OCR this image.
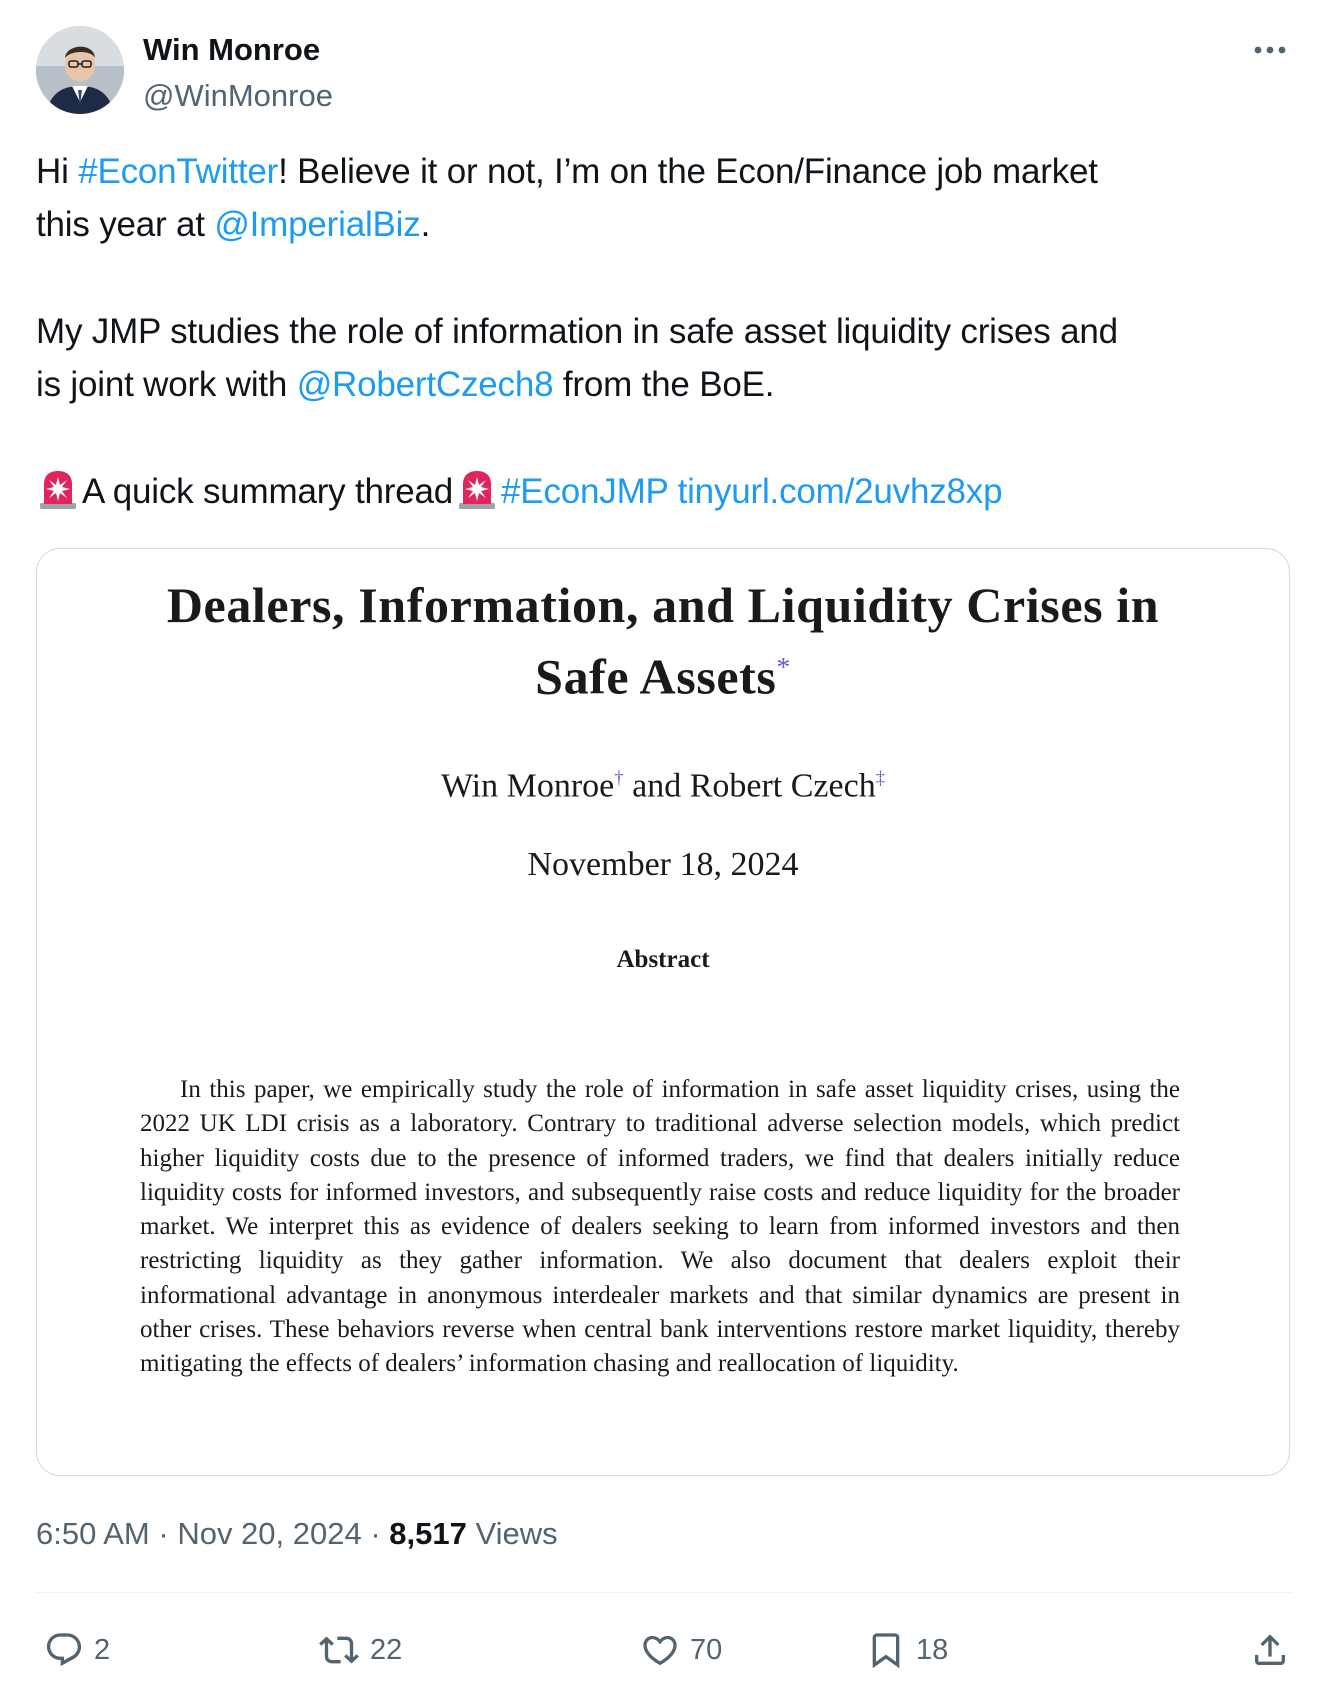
Win Monroe
@WinMonroe

Hi #EconTwitter! Believe it or not, I’m on the Econ/Finance job market

this year at @ImperialBiz.

My JMP studies the role of information in safe asset liquidity crises and

is joint work with @RobertCzech8 from the BoE.

A quick summary thread #EconJMP tinyurl.com/2uvhz8xp

Dealers, Information, and Liquidity Crises in
Safe Assets*
Win Monroe† and Robert Czech‡
November 18, 2024
Abstract
In this paper, we empirically study the role of information in safe asset liquidity crises, using the 2022 UK LDI crisis as a laboratory. Contrary to traditional adverse selection models, which predict higher liquidity costs due to the presence of informed traders, we find that dealers initially reduce liquidity costs for informed investors, and subsequently raise costs and reduce liquidity for the broader market. We interpret this as evidence of dealers seeking to learn from informed investors and then restricting liquidity as they gather information. We also document that dealers exploit their informational advantage in anonymous interdealer markets and that similar dynamics are present in other crises. These behaviors reverse when central bank interventions restore market liquidity, thereby mitigating the effects of dealers’ information chasing and reallocation of liquidity.
6:50 AM · Nov 20, 2024 · 8,517 Views
2	22	70	18
